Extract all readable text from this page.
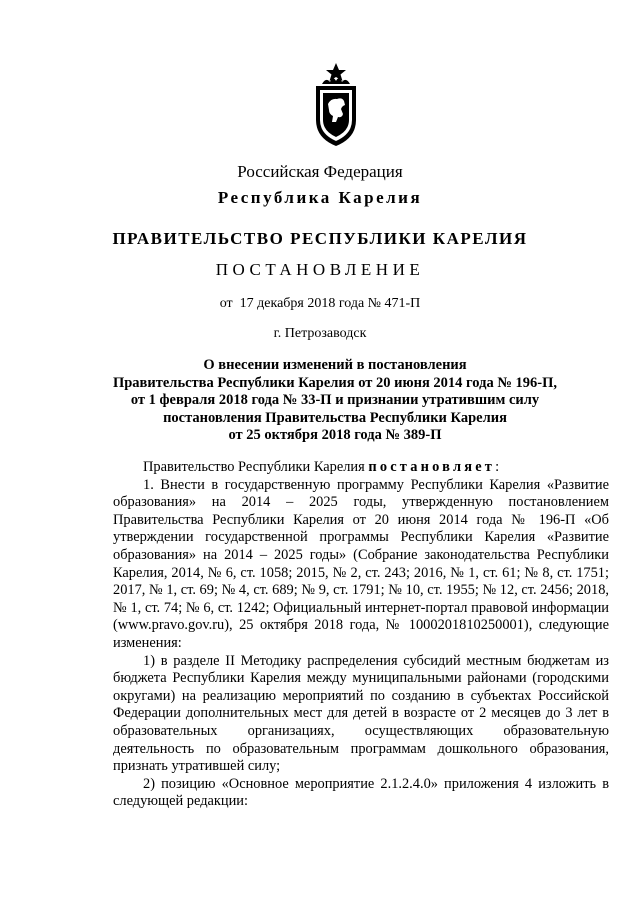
Российская Федерация
Республика Карелия
ПРАВИТЕЛЬСТВО РЕСПУБЛИКИ КАРЕЛИЯ
ПОСТАНОВЛЕНИЕ
от  17 декабря 2018 года № 471-П
г. Петрозаводск
О внесении изменений в постановления
Правительства Республики Карелия от 20 июня 2014 года № 196-П,
от 1 февраля 2018 года № 33-П и признании утратившим силу
постановления Правительства Республики Карелия
от 25 октября 2018 года № 389-П

Правительство Республики Карелия постановляет:

1. Внести в государственную программу Республики Карелия «Развитие образования» на 2014 – 2025 годы, утвержденную постановлением Правительства Республики Карелия от 20 июня 2014 года № 196-П «Об утверждении государственной программы Республики Карелия «Развитие образования» на 2014 – 2025 годы» (Собрание законодательства Республики Карелия, 2014, № 6, ст. 1058; 2015, № 2, ст. 243; 2016, № 1, ст. 61; № 8, ст. 1751; 2017, № 1, ст. 69; № 4, ст. 689; № 9, ст. 1791; № 10, ст. 1955; № 12, ст. 2456; 2018, № 1, ст. 74; № 6, ст. 1242; Официальный интернет-портал правовой информации (www.pravo.gov.ru), 25 октября 2018 года, № 1000201810250001), следующие изменения:

1) в разделе II Методику распределения субсидий местным бюджетам из бюджета Республики Карелия между муниципальными районами (городскими округами) на реализацию мероприятий по созданию в субъектах Российской Федерации дополнительных мест для детей в возрасте от 2 месяцев до 3 лет в образовательных организациях, осуществляющих образовательную деятельность по образовательным программам дошкольного образования, признать утратившей силу;

2) позицию «Основное мероприятие 2.1.2.4.0» приложения 4 изложить в следующей редакции:
